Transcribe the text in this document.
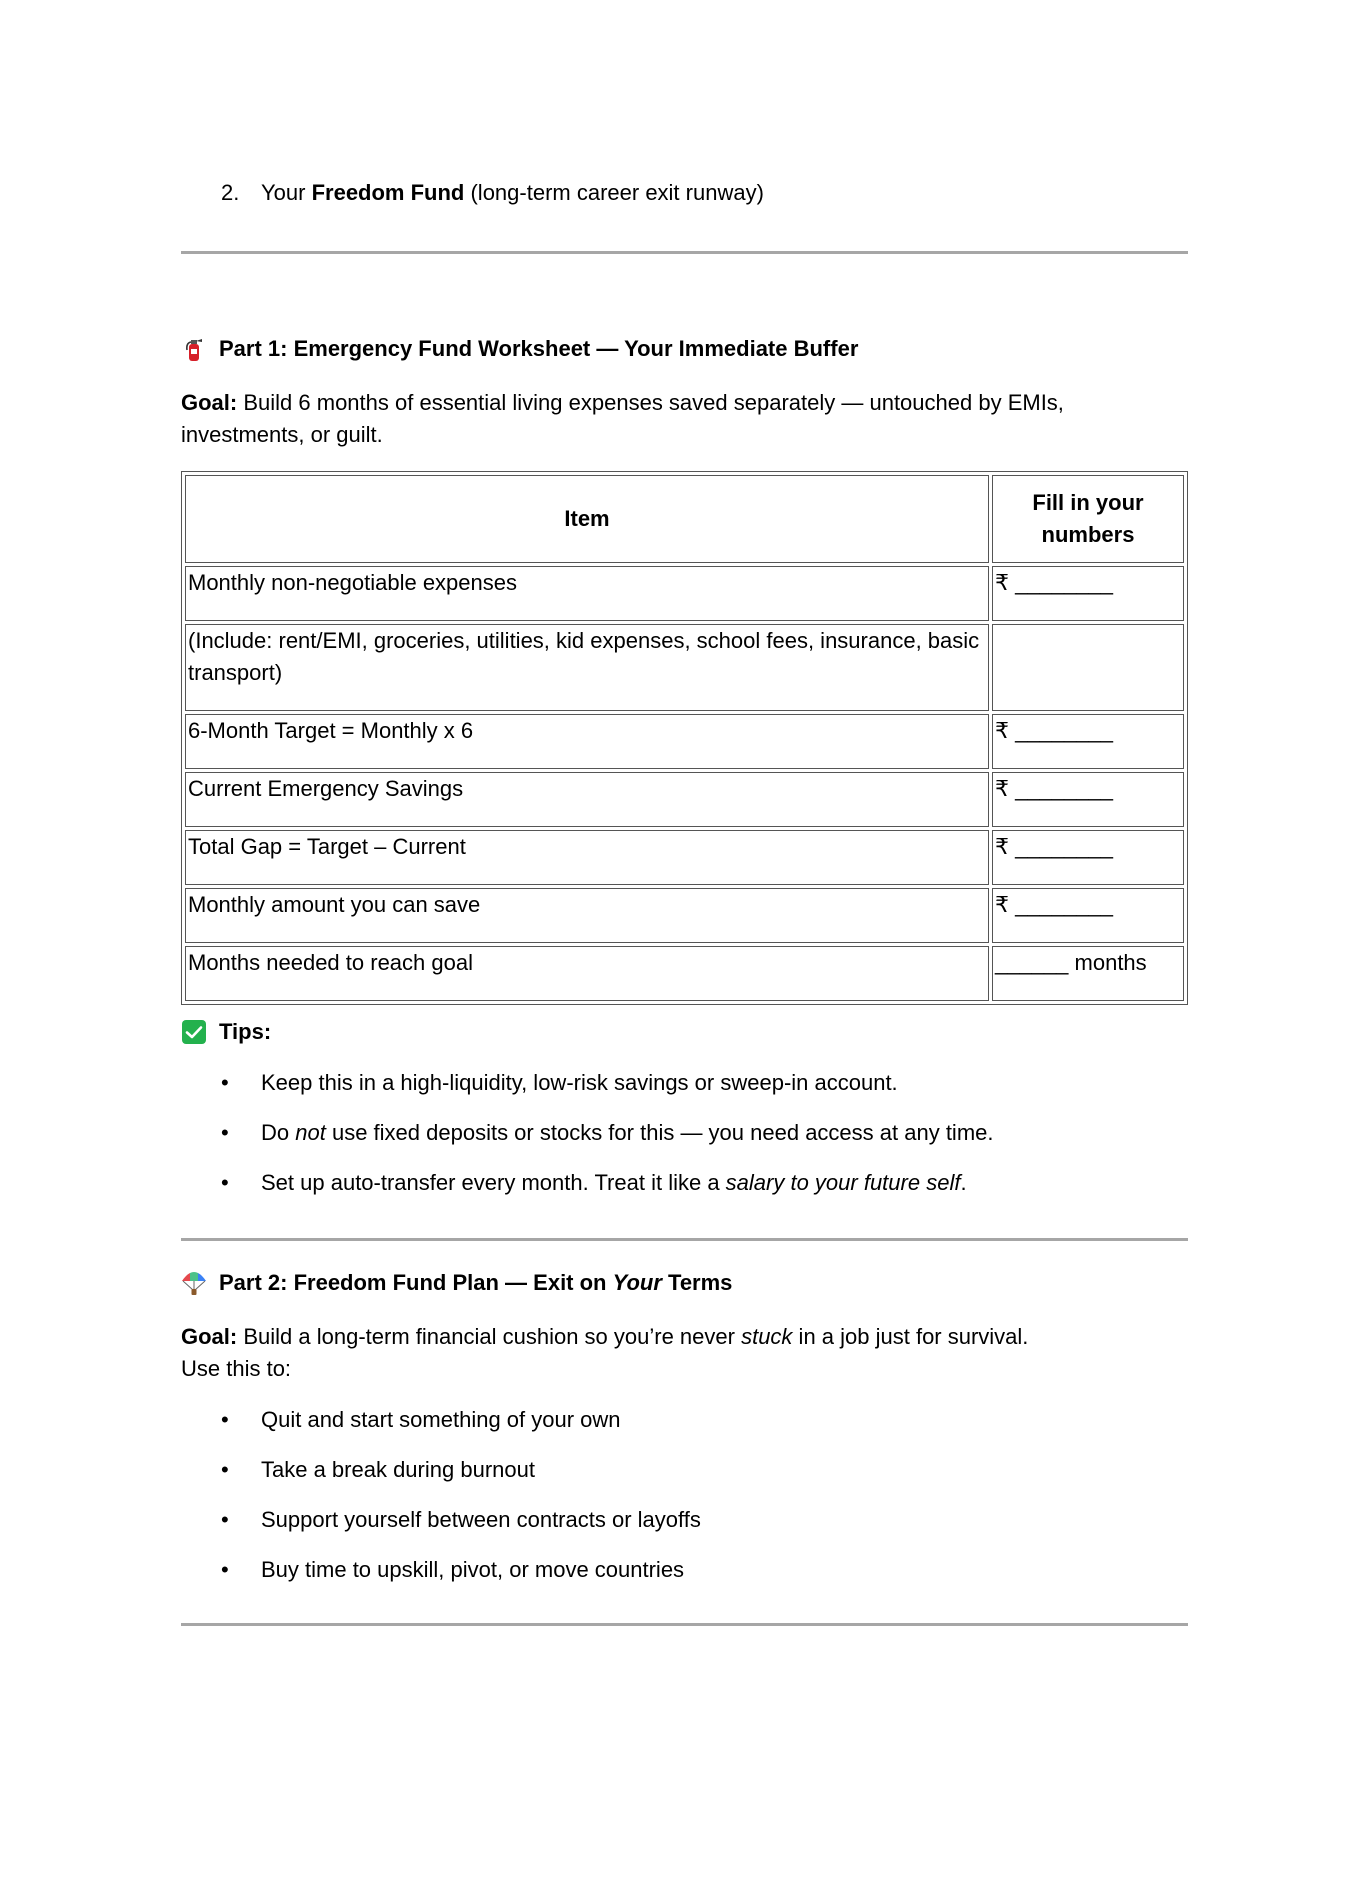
2. Your Freedom Fund (long-term career exit runway)
Part 1: Emergency Fund Worksheet — Your Immediate Buffer
Goal: Build 6 months of essential living expenses saved separately — untouched by EMIs, investments, or guilt.
Item	Fill in your numbers
Monthly non-negotiable expenses	₹ ________
(Include: rent/EMI, groceries, utilities, kid expenses, school fees, insurance, basic transport)	
6-Month Target = Monthly x 6	₹ ________
Current Emergency Savings	₹ ________
Total Gap = Target – Current	₹ ________
Monthly amount you can save	₹ ________
Months needed to reach goal	______ months
Tips:
• Keep this in a high-liquidity, low-risk savings or sweep-in account.
• Do not use fixed deposits or stocks for this — you need access at any time.
• Set up auto-transfer every month. Treat it like a salary to your future self.
Part 2: Freedom Fund Plan — Exit on Your Terms
Goal: Build a long-term financial cushion so you’re never stuck in a job just for survival.
Use this to:
• Quit and start something of your own
• Take a break during burnout
• Support yourself between contracts or layoffs
• Buy time to upskill, pivot, or move countries
